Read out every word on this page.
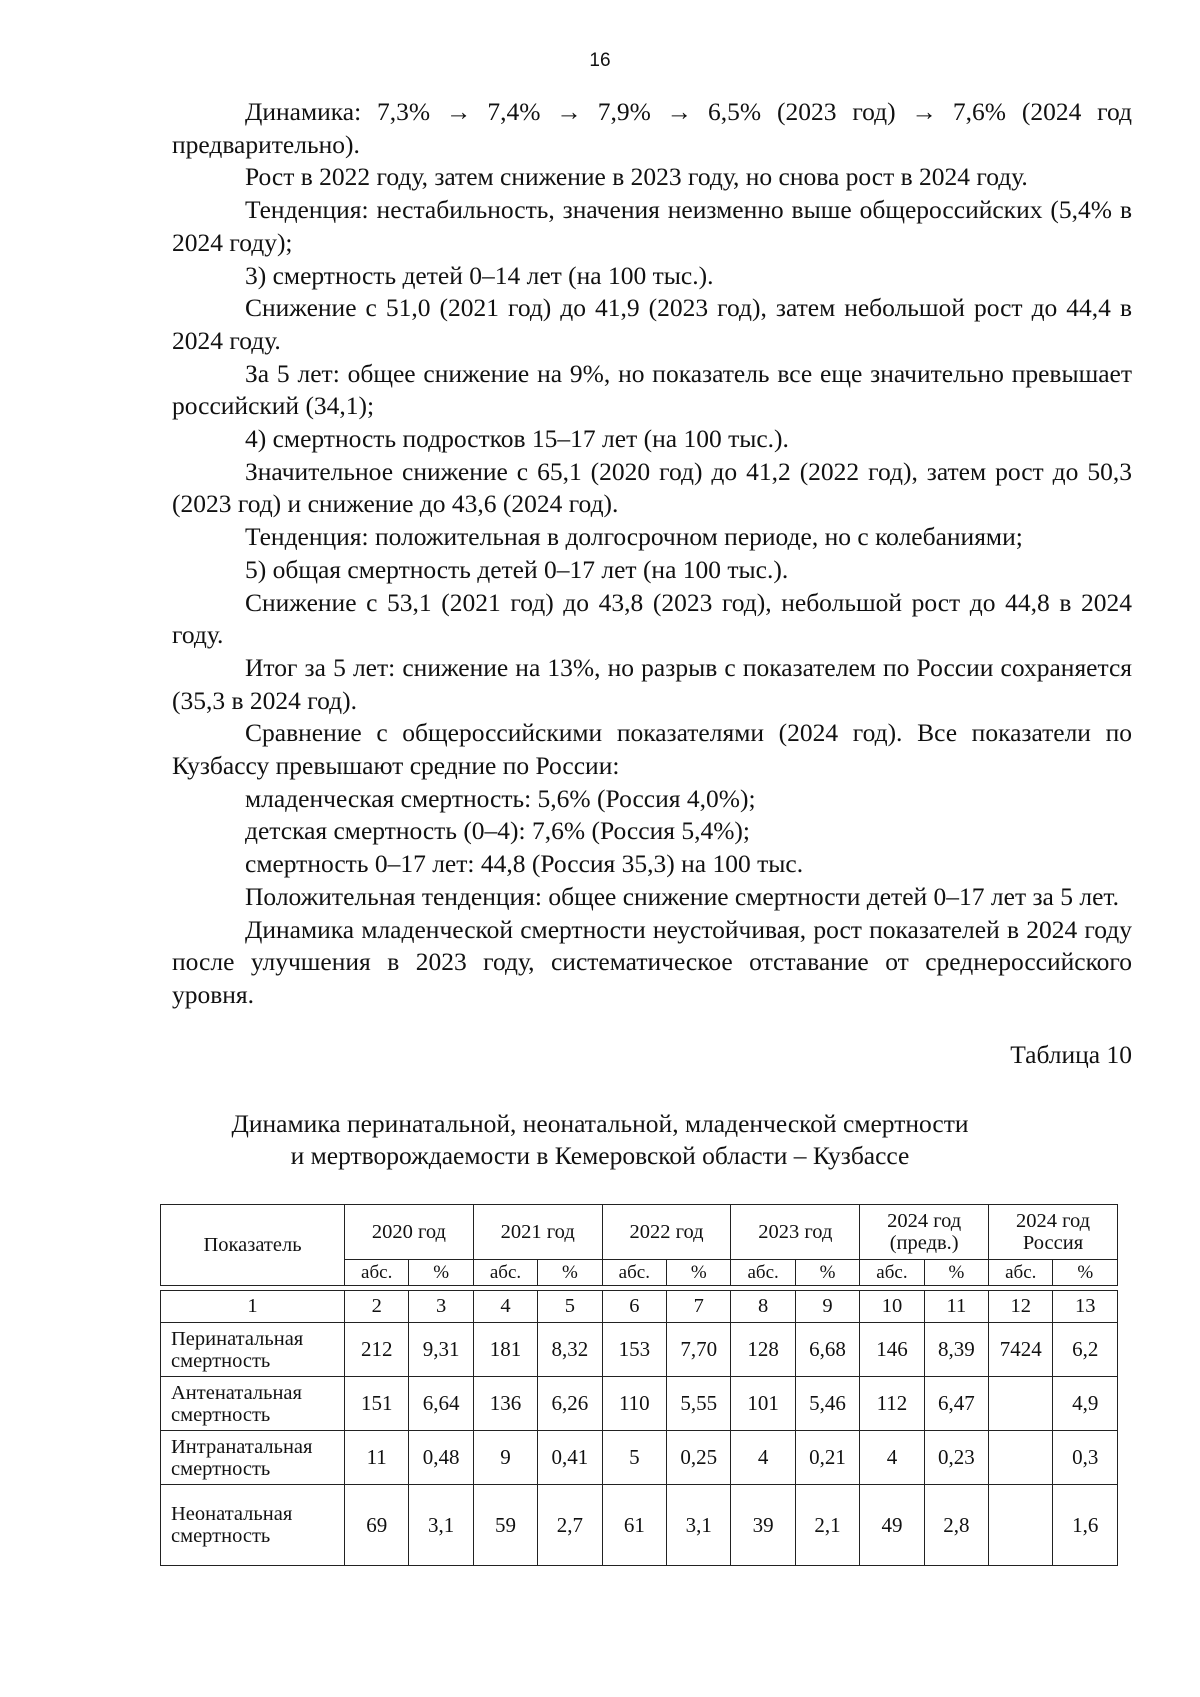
16

Динамика: 7,3% → 7,4% → 7,9% → 6,5% (2023 год) → 7,6% (2024 год предварительно).

Рост в 2022 году, затем снижение в 2023 году, но снова рост в 2024 году.

Тенденция: нестабильность, значения неизменно выше общероссийских (5,4% в 2024 году);

3) смертность детей 0–14 лет (на 100 тыс.).

Снижение с 51,0 (2021 год) до 41,9 (2023 год), затем небольшой рост до 44,4 в 2024 году.

За 5 лет: общее снижение на 9%, но показатель все еще значительно превышает российский (34,1);

4) смертность подростков 15–17 лет (на 100 тыс.).

Значительное снижение с 65,1 (2020 год) до 41,2 (2022 год), затем рост до 50,3 (2023 год) и снижение до 43,6 (2024 год).

Тенденция: положительная в долгосрочном периоде, но с колебаниями;

5) общая смертность детей 0–17 лет (на 100 тыс.).

Снижение с 53,1 (2021 год) до 43,8 (2023 год), небольшой рост до 44,8 в 2024 году.

Итог за 5 лет: снижение на 13%, но разрыв с показателем по России сохраняется (35,3 в 2024 год).

Сравнение с общероссийскими показателями (2024 год). Все показатели по Кузбассу превышают средние по России:

младенческая смертность: 5,6% (Россия 4,0%);

детская смертность (0–4): 7,6% (Россия 5,4%);

смертность 0–17 лет: 44,8 (Россия 35,3) на 100 тыс.

Положительная тенденция: общее снижение смертности детей 0–17 лет за 5 лет.

Динамика младенческой смертности неустойчивая, рост показателей в 2024 году после улучшения в 2023 году, систематическое отставание от среднероссийского уровня.

Таблица 10
Динамика перинатальной, неонатальной, младенческой смертности
и мертворождаемости в Кемеровской области – Кузбассе
Показатель	2020 год		2021 год		2022 год		2023 год		2024 год (предв.)		2024 год Россия	
	абс.	%	абс.	%	абс.	%	абс.	%	абс.	%	абс.	%

1	2	3	4	5	6	7	8	9	10	11	12	13
Перинатальная смертность	212	9,31	181	8,32	153	7,70	128	6,68	146	8,39	7424	6,2
Антенатальная смертность	151	6,64	136	6,26	110	5,55	101	5,46	112	6,47		4,9
Интранатальная смертность	11	0,48	9	0,41	5	0,25	4	0,21	4	0,23		0,3
Неонатальная смертность	69	3,1	59	2,7	61	3,1	39	2,1	49	2,8		1,6
